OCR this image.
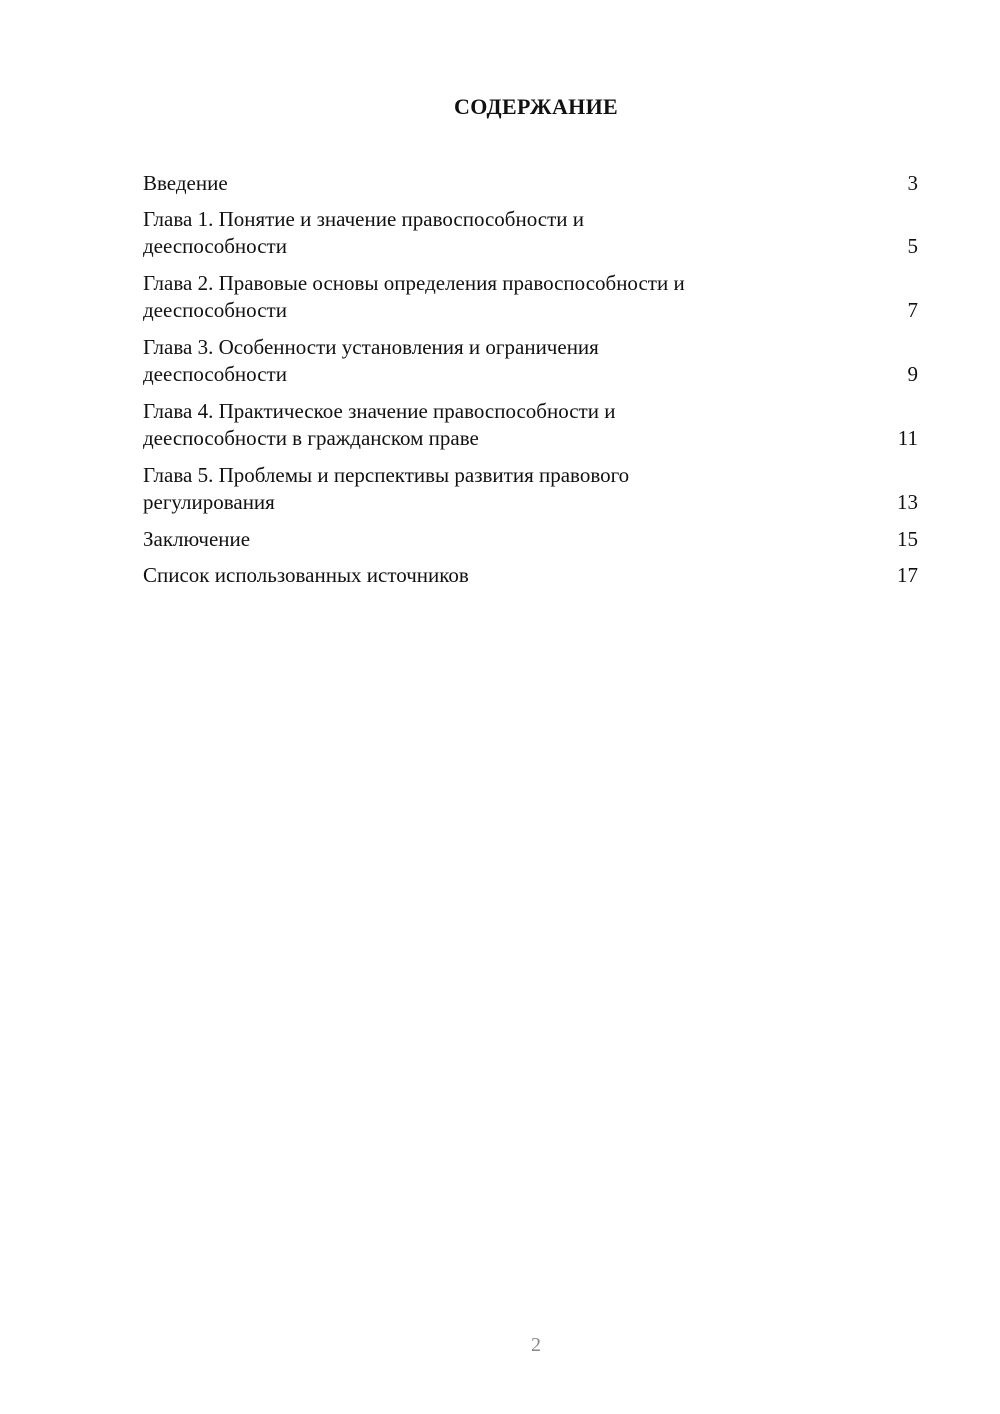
СОДЕРЖАНИЕ
Введение	3
Глава 1. Понятие и значение правоспособности и
дееспособности	5
Глава 2. Правовые основы определения правоспособности и
дееспособности	7
Глава 3. Особенности установления и ограничения
дееспособности	9
Глава 4. Практическое значение правоспособности и
дееспособности в гражданском праве	11
Глава 5. Проблемы и перспективы развития правового
регулирования	13
Заключение	15
Список использованных источников	17
2
